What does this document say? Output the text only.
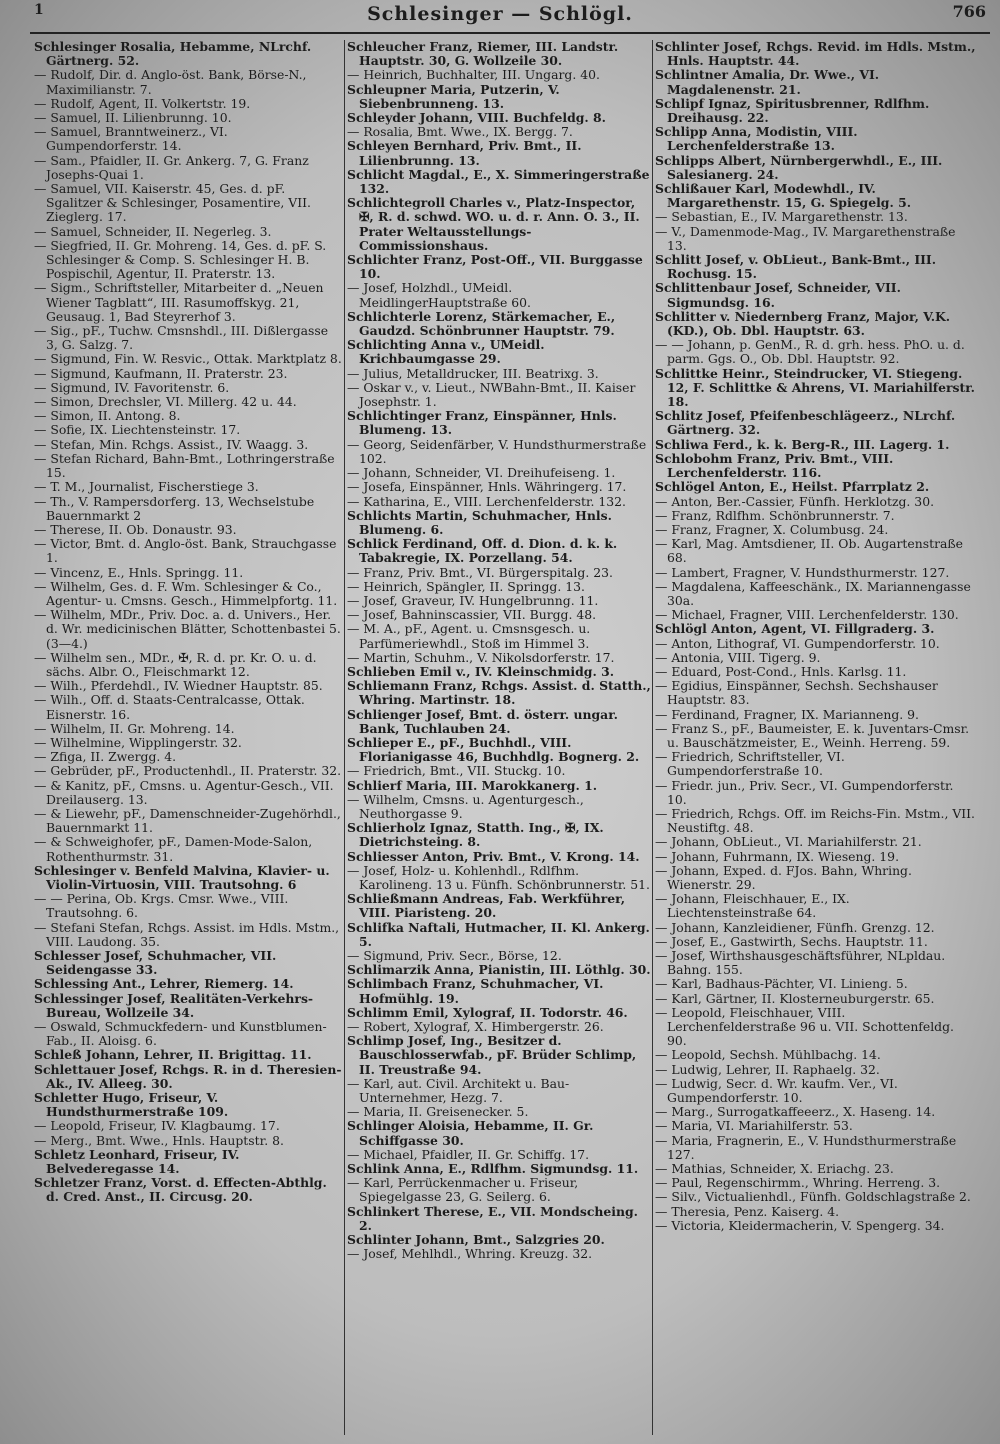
1	Schlesinger — Schlögl.	766

Schlesinger Rosalia, Hebamme, NLrchf. Gärtnerg. 52.

— Rudolf, Dir. d. Anglo-öst. Bank, Börse-N., Maximilianstr. 7.

— Rudolf, Agent, II. Volkertstr. 19.

— Samuel, II. Lilienbrunng. 10.

— Samuel, Branntweinerz., VI. Gumpendorferstr. 14.

— Sam., Pfaidler, II. Gr. Ankerg. 7, G. Franz Josephs-Quai 1.

— Samuel, VII. Kaiserstr. 45, Ges. d. pF. Sgalitzer & Schlesinger, Posamentire, VII. Zieglerg. 17.

— Samuel, Schneider, II. Negerleg. 3.

— Siegfried, II. Gr. Mohreng. 14, Ges. d. pF. S. Schlesinger & Comp. S. Schlesinger H. B. Pospischil, Agentur, II. Praterstr. 13.

— Sigm., Schriftsteller, Mitarbeiter d. „Neuen Wiener Tagblatt“, III. Rasumoffskyg. 21, Geusaug. 1, Bad Steyrerhof 3.

— Sig., pF., Tuchw. Cmsnshdl., III. Dißlergasse 3, G. Salzg. 7.

— Sigmund, Fin. W. Resvic., Ottak. Marktplatz 8.

— Sigmund, Kaufmann, II. Praterstr. 23.

— Sigmund, IV. Favoritenstr. 6.

— Simon, Drechsler, VI. Millerg. 42 u. 44.

— Simon, II. Antong. 8.

— Sofie, IX. Liechtensteinstr. 17.

— Stefan, Min. Rchgs. Assist., IV. Waagg. 3.

— Stefan Richard, Bahn-Bmt., Lothringerstraße 15.

— T. M., Journalist, Fischerstiege 3.

— Th., V. Rampersdorferg. 13, Wechselstube Bauernmarkt 2

— Therese, II. Ob. Donaustr. 93.

— Victor, Bmt. d. Anglo-öst. Bank, Strauchgasse 1.

— Vincenz, E., Hnls. Springg. 11.

— Wilhelm, Ges. d. F. Wm. Schlesinger & Co., Agentur- u. Cmsns. Gesch., Himmelpfortg. 11.

— Wilhelm, MDr., Priv. Doc. a. d. Univers., Her. d. Wr. medicinischen Blätter, Schottenbastei 5. (3—4.)

— Wilhelm sen., MDr., ✠, R. d. pr. Kr. O. u. d. sächs. Albr. O., Fleischmarkt 12.

— Wilh., Pferdehdl., IV. Wiedner Hauptstr. 85.

— Wilh., Off. d. Staats-Centralcasse, Ottak. Eisnerstr. 16.

— Wilhelm, II. Gr. Mohreng. 14.

— Wilhelmine, Wipplingerstr. 32.

— Zfiga, II. Zwergg. 4.

— Gebrüder, pF., Productenhdl., II. Praterstr. 32.

— & Kanitz, pF., Cmsns. u. Agentur-Gesch., VII. Dreilauserg. 13.

— & Liewehr, pF., Damenschneider-Zugehörhdl., Bauernmarkt 11.

— & Schweighofer, pF., Damen-Mode-Salon, Rothenthurmstr. 31.

Schlesinger v. Benfeld Malvina, Klavier- u. Violin-Virtuosin, VIII. Trautsohng. 6

— — Perina, Ob. Krgs. Cmsr. Wwe., VIII. Trautsohng. 6.

— Stefani Stefan, Rchgs. Assist. im Hdls. Mstm., VIII. Laudong. 35.

Schlesser Josef, Schuhmacher, VII. Seidengasse 33.

Schlessing Ant., Lehrer, Riemerg. 14.

Schlessinger Josef, Realitäten-Verkehrs-Bureau, Wollzeile 34.

— Oswald, Schmuckfedern- und Kunstblumen-Fab., II. Aloisg. 6.

Schleß Johann, Lehrer, II. Brigittag. 11.

Schlettauer Josef, Rchgs. R. in d. Theresien-Ak., IV. Alleeg. 30.

Schletter Hugo, Friseur, V. Hundsthurmerstraße 109.

— Leopold, Friseur, IV. Klagbaumg. 17.

— Merg., Bmt. Wwe., Hnls. Hauptstr. 8.

Schletz Leonhard, Friseur, IV. Belvederegasse 14.

Schletzer Franz, Vorst. d. Effecten-Abthlg. d. Cred. Anst., II. Circusg. 20.

Schleucher Franz, Riemer, III. Landstr. Hauptstr. 30, G. Wollzeile 30.

— Heinrich, Buchhalter, III. Ungarg. 40.

Schleupner Maria, Putzerin, V. Siebenbrunneng. 13.

Schleyder Johann, VIII. Buchfeldg. 8.

— Rosalia, Bmt. Wwe., IX. Bergg. 7.

Schleyen Bernhard, Priv. Bmt., II. Lilienbrunng. 13.

Schlicht Magdal., E., X. Simmeringerstraße 132.

Schlichtegroll Charles v., Platz-Inspector, ✠, R. d. schwd. WO. u. d. r. Ann. O. 3., II. Prater Weltausstellungs-Commissionshaus.

Schlichter Franz, Post-Off., VII. Burggasse 10.

— Josef, Holzhdl., UMeidl. MeidlingerHauptstraße 60.

Schlichterle Lorenz, Stärkemacher, E., Gaudzd. Schönbrunner Hauptstr. 79.

Schlichting Anna v., UMeidl. Krichbaumgasse 29.

— Julius, Metalldrucker, III. Beatrixg. 3.

— Oskar v., v. Lieut., NWBahn-Bmt., II. Kaiser Josephstr. 1.

Schlichtinger Franz, Einspänner, Hnls. Blumeng. 13.

— Georg, Seidenfärber, V. Hundsthurmerstraße 102.

— Johann, Schneider, VI. Dreihufeiseng. 1.

— Josefa, Einspänner, Hnls. Währingerg. 17.

— Katharina, E., VIII. Lerchenfelderstr. 132.

Schlichts Martin, Schuhmacher, Hnls. Blumeng. 6.

Schlick Ferdinand, Off. d. Dion. d. k. k. Tabakregie, IX. Porzellang. 54.

— Franz, Priv. Bmt., VI. Bürgerspitalg. 23.

— Heinrich, Spängler, II. Springg. 13.

— Josef, Graveur, IV. Hungelbrunng. 11.

— Josef, Bahninscassier, VII. Burgg. 48.

— M. A., pF., Agent. u. Cmsnsgesch. u. Parfümeriewhdl., Stoß im Himmel 3.

— Martin, Schuhm., V. Nikolsdorferstr. 17.

Schlieben Emil v., IV. Kleinschmidg. 3.

Schliemann Franz, Rchgs. Assist. d. Statth., Whring. Martinstr. 18.

Schlienger Josef, Bmt. d. österr. ungar. Bank, Tuchlauben 24.

Schlieper E., pF., Buchhdl., VIII. Florianigasse 46, Buchhdlg. Bognerg. 2.

— Friedrich, Bmt., VII. Stuckg. 10.

Schlierf Maria, III. Marokkanerg. 1.

— Wilhelm, Cmsns. u. Agenturgesch., Neuthorgasse 9.

Schlierholz Ignaz, Statth. Ing., ✠, IX. Dietrichsteing. 8.

Schliesser Anton, Priv. Bmt., V. Krong. 14.

— Josef, Holz- u. Kohlenhdl., Rdlfhm. Karolineng. 13 u. Fünfh. Schönbrunnerstr. 51.

Schließmann Andreas, Fab. Werkführer, VIII. Piaristeng. 20.

Schlifka Naftali, Hutmacher, II. Kl. Ankerg. 5.

— Sigmund, Priv. Secr., Börse, 12.

Schlimarzik Anna, Pianistin, III. Löthlg. 30.

Schlimbach Franz, Schuhmacher, VI. Hofmühlg. 19.

Schlimm Emil, Xylograf, II. Todorstr. 46.

— Robert, Xylograf, X. Himbergerstr. 26.

Schlimp Josef, Ing., Besitzer d. Bauschlosserwfab., pF. Brüder Schlimp, II. Treustraße 94.

— Karl, aut. Civil. Architekt u. Bau-Unternehmer, Hezg. 7.

— Maria, II. Greisenecker. 5.

Schlinger Aloisia, Hebamme, II. Gr. Schiffgasse 30.

— Michael, Pfaidler, II. Gr. Schiffg. 17.

Schlink Anna, E., Rdlfhm. Sigmundsg. 11.

— Karl, Perrückenmacher u. Friseur, Spiegelgasse 23, G. Seilerg. 6.

Schlinkert Therese, E., VII. Mondscheing. 2.

Schlinter Johann, Bmt., Salzgries 20.

— Josef, Mehlhdl., Whring. Kreuzg. 32.

Schlinter Josef, Rchgs. Revid. im Hdls. Mstm., Hnls. Hauptstr. 44.

Schlintner Amalia, Dr. Wwe., VI. Magdalenenstr. 21.

Schlipf Ignaz, Spiritusbrenner, Rdlfhm. Dreihausg. 22.

Schlipp Anna, Modistin, VIII. Lerchenfelderstraße 13.

Schlipps Albert, Nürnbergerwhdl., E., III. Salesianerg. 24.

Schlißauer Karl, Modewhdl., IV. Margarethenstr. 15, G. Spiegelg. 5.

— Sebastian, E., IV. Margarethenstr. 13.

— V., Damenmode-Mag., IV. Margarethenstraße 13.

Schlitt Josef, v. ObLieut., Bank-Bmt., III. Rochusg. 15.

Schlittenbaur Josef, Schneider, VII. Sigmundsg. 16.

Schlitter v. Niedernberg Franz, Major, V.K. (KD.), Ob. Dbl. Hauptstr. 63.

— — Johann, p. GenM., R. d. grh. hess. PhO. u. d. parm. Ggs. O., Ob. Dbl. Hauptstr. 92.

Schlittke Heinr., Steindrucker, VI. Stiegeng. 12, F. Schlittke & Ahrens, VI. Mariahilferstr. 18.

Schlitz Josef, Pfeifenbeschlägeerz., NLrchf. Gärtnerg. 32.

Schliwa Ferd., k. k. Berg-R., III. Lagerg. 1.

Schlobohm Franz, Priv. Bmt., VIII. Lerchenfelderstr. 116.

Schlögel Anton, E., Heilst. Pfarrplatz 2.

— Anton, Ber.-Cassier, Fünfh. Herklotzg. 30.

— Franz, Rdlfhm. Schönbrunnerstr. 7.

— Franz, Fragner, X. Columbusg. 24.

— Karl, Mag. Amtsdiener, II. Ob. Augartenstraße 68.

— Lambert, Fragner, V. Hundsthurmerstr. 127.

— Magdalena, Kaffeeschänk., IX. Mariannengasse 30a.

— Michael, Fragner, VIII. Lerchenfelderstr. 130.

Schlögl Anton, Agent, VI. Fillgraderg. 3.

— Anton, Lithograf, VI. Gumpendorferstr. 10.

— Antonia, VIII. Tigerg. 9.

— Eduard, Post-Cond., Hnls. Karlsg. 11.

— Egidius, Einspänner, Sechsh. Sechshauser Hauptstr. 83.

— Ferdinand, Fragner, IX. Marianneng. 9.

— Franz S., pF., Baumeister, E. k. Juventars-Cmsr. u. Bauschätzmeister, E., Weinh. Herreng. 59.

— Friedrich, Schriftsteller, VI. Gumpendorferstraße 10.

— Friedr. jun., Priv. Secr., VI. Gumpendorferstr. 10.

— Friedrich, Rchgs. Off. im Reichs-Fin. Mstm., VII. Neustiftg. 48.

— Johann, ObLieut., VI. Mariahilferstr. 21.

— Johann, Fuhrmann, IX. Wieseng. 19.

— Johann, Exped. d. FJos. Bahn, Whring. Wienerstr. 29.

— Johann, Fleischhauer, E., IX. Liechtensteinstraße 64.

— Johann, Kanzleidiener, Fünfh. Grenzg. 12.

— Josef, E., Gastwirth, Sechs. Hauptstr. 11.

— Josef, Wirthshausgeschäftsführer, NLpldau. Bahng. 155.

— Karl, Badhaus-Pächter, VI. Linieng. 5.

— Karl, Gärtner, II. Klosterneuburgerstr. 65.

— Leopold, Fleischhauer, VIII. Lerchenfelderstraße 96 u. VII. Schottenfeldg. 90.

— Leopold, Sechsh. Mühlbachg. 14.

— Ludwig, Lehrer, II. Raphaelg. 32.

— Ludwig, Secr. d. Wr. kaufm. Ver., VI. Gumpendorferstr. 10.

— Marg., Surrogatkaffeeerz., X. Haseng. 14.

— Maria, VI. Mariahilferstr. 53.

— Maria, Fragnerin, E., V. Hundsthurmerstraße 127.

— Mathias, Schneider, X. Eriachg. 23.

— Paul, Regenschirmm., Whring. Herreng. 3.

— Silv., Victualienhdl., Fünfh. Goldschlagstraße 2.

— Theresia, Penz. Kaiserg. 4.

— Victoria, Kleidermacherin, V. Spengerg. 34.
